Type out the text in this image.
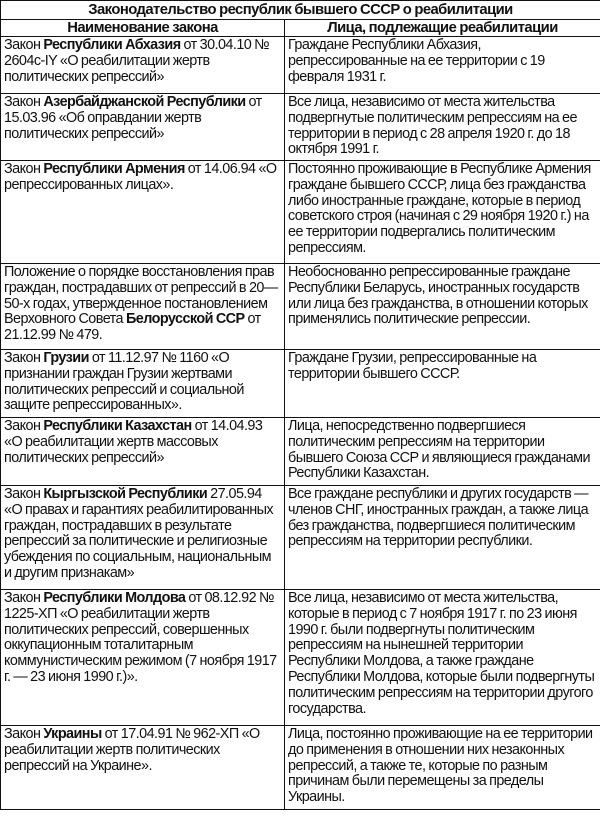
Законодательство республик бывшего СССР о реабилитации	
Наименование закона	Лица, подлежащие реабилитации
Закон Республики Абхазия от 30.04.10 № 2604с-IY «О реабилитации жертв политических репрессий»	Граждане Республики Абхазия, репрессированные на ее территории с 19 февраля 1931 г.
Закон Азербайджанской Республики от 15.03.96 «Об оправдании жертв политических репрессий»	Все лица, независимо от места жительства подвергнутые политическим репрессиям на ее территории в период с 28 апреля 1920 г. до 18 октября 1991 г.
Закон Республики Армения от 14.06.94 «О репрессированных лицах».	Постоянно проживающие в Республике Армения граждане бывшего СССР, лица без гражданства либо иностранные граждане, которые в период советского строя (начиная с 29 ноября 1920 г.) на ее территории подвергались политическим репрессиям.
Положение о порядке восстановления прав граждан, пострадавших от репрессий в 20—50-х годах, утвержденное постановлением Верховного Совета Белорусской ССР от 21.12.99 № 479.	Необоснованно репрессированные граждане Республики Беларусь, иностранных государств или лица без гражданства, в отношении которых применялись политические репрессии.
Закон Грузии от 11.12.97 № 1160 «О признании граждан Грузии жертвами политических репрессий и социальной защите репрессированных».	Граждане Грузии, репрессированные на территории бывшего СССР.
Закон Республики Казахстан от 14.04.93 «О реабилитации жертв массовых политических репрессий»	Лица, непосредственно подвергшиеся политическим репрессиям на территории бывшего Союза ССР и являющиеся гражданами Республики Казахстан.
Закон Кыргызской Республики 27.05.94 «О правах и гарантиях реабилитированных граждан, пострадавших в результате репрессий за политические и религиозные убеждения по социальным, национальным и другим признакам»	Все граждане республики и других государств — членов СНГ, иностранных граждан, а также лица без гражданства, подвергшиеся политическим репрессиям на территории республики.
Закон Республики Молдова от 08.12.92 № 1225-ХП «О реабилитации жертв политических репрессий, совершенных оккупационным тоталитарным коммунистическим режимом (7 ноября 1917 г. — 23 июня 1990 г.)».	Все лица, независимо от места жительства, которые в период с 7 ноября 1917 г. по 23 июня 1990 г. были подвергнуты политическим репрессиям на нынешней территории Республики Молдова, а также граждане Республики Молдова, которые были подвергнуты политическим репрессиям на территории другого государства.
Закон Украины от 17.04.91 № 962-ХП «О реабилитации жертв политических репрессий на Украине».	Лица, постоянно проживающие на ее территории до применения в отношении них незаконных репрессий, а также те, которые по разным причинам были перемещены за пределы Украины.
